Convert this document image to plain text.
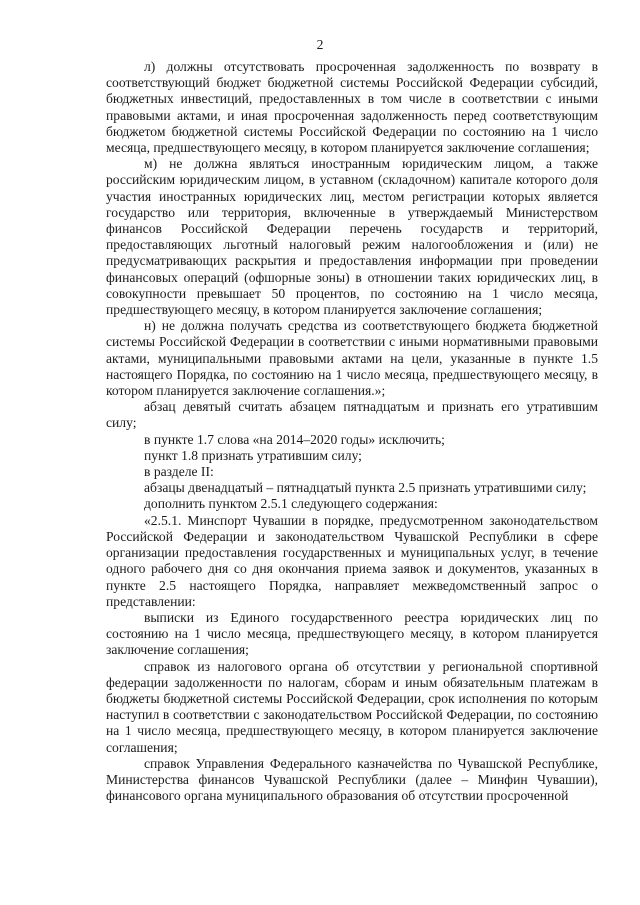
2

л) должны отсутствовать просроченная задолженность по возврату в соответствующий бюджет бюджетной системы Российской Федерации субсидий, бюджетных инвестиций, предоставленных в том числе в соответствии с иными правовыми актами, и иная просроченная задолженность перед соответствующим бюджетом бюджетной системы Российской Федерации по состоянию на 1 число месяца, предшествующего месяцу, в котором планируется заключение соглашения;

м) не должна являться иностранным юридическим лицом, а также российским юридическим лицом, в уставном (складочном) капитале которого доля участия иностранных юридических лиц, местом регистрации которых является государство или территория, включенные в утверждаемый Министерством финансов Российской Федерации перечень государств и территорий, предоставляющих льготный налоговый режим налогообложения и (или) не предусматривающих раскрытия и предоставления информации при проведении финансовых операций (офшорные зоны) в отношении таких юридических лиц, в совокупности превышает 50 процентов, по состоянию на 1 число месяца, предшествующего месяцу, в котором планируется заключение соглашения;

н) не должна получать средства из соответствующего бюджета бюджетной системы Российской Федерации в соответствии с иными нормативными правовыми актами, муниципальными правовыми актами на цели, указанные в пункте 1.5 настоящего Порядка, по состоянию на 1 число месяца, предшествующего месяцу, в котором планируется заключение соглашения.»;

абзац девятый считать абзацем пятнадцатым и признать его утратившим силу;

в пункте 1.7 слова «на 2014–2020 годы» исключить;

пункт 1.8 признать утратившим силу;

в разделе II:

абзацы двенадцатый – пятнадцатый пункта 2.5 признать утратившими силу;

дополнить пунктом 2.5.1 следующего содержания:

«2.5.1. Минспорт Чувашии в порядке, предусмотренном законодательством Российской Федерации и законодательством Чувашской Республики в сфере организации предоставления государственных и муниципальных услуг, в течение одного рабочего дня со дня окончания приема заявок и документов, указанных в пункте 2.5 настоящего Порядка, направляет межведомственный запрос о представлении:

выписки из Единого государственного реестра юридических лиц по состоянию на 1 число месяца, предшествующего месяцу, в котором планируется заключение соглашения;

справок из налогового органа об отсутствии у региональной спортивной федерации задолженности по налогам, сборам и иным обязательным платежам в бюджеты бюджетной системы Российской Федерации, срок исполнения по которым наступил в соответствии с законодательством Российской Федерации, по состоянию на 1 число месяца, предшествующего месяцу, в котором планируется заключение соглашения;

справок Управления Федерального казначейства по Чувашской Республике, Министерства финансов Чувашской Республики (далее – Минфин Чувашии), финансового органа муниципального образования об отсутствии просроченной
